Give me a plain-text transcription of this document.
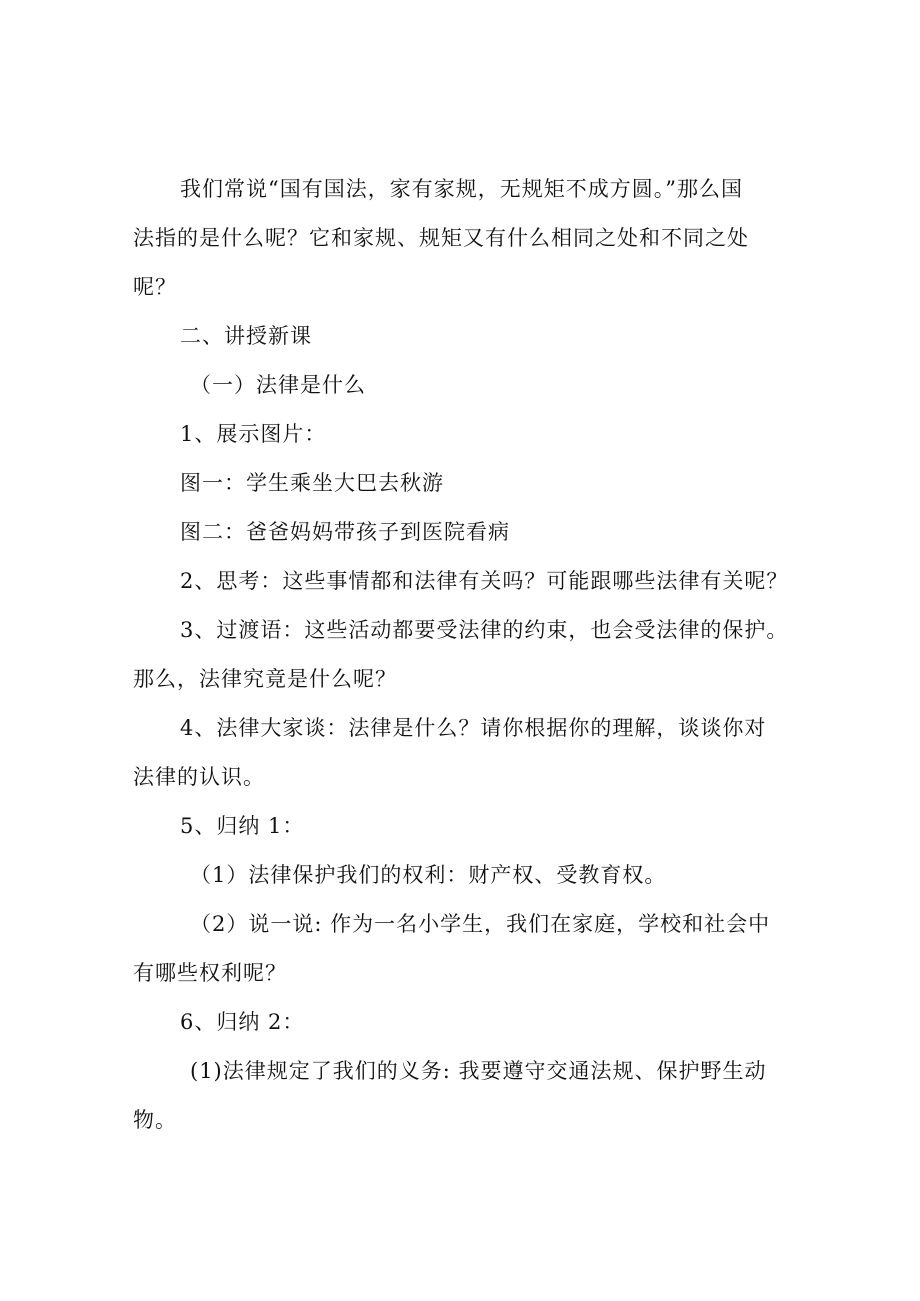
我们常说“国有国法，家有家规，无规矩不成方圆。”那么国
法指的是什么呢？它和家规、规矩又有什么相同之处和不同之处
呢？
二、讲授新课
（一）法律是什么
1、展示图片：
图一：学生乘坐大巴去秋游
图二：爸爸妈妈带孩子到医院看病
2、思考：这些事情都和法律有关吗？可能跟哪些法律有关呢？
3、过渡语：这些活动都要受法律的约束，也会受法律的保护。
那么，法律究竟是什么呢？
4、法律大家谈：法律是什么？请你根据你的理解，谈谈你对
法律的认识。
5、归纳 1：
（1）法律保护我们的权利：财产权、受教育权。
（2）说一说: 作为一名小学生，我们在家庭，学校和社会中
有哪些权利呢？
6、归纳 2：
(1)法律规定了我们的义务: 我要遵守交通法规、保护野生动
物。
